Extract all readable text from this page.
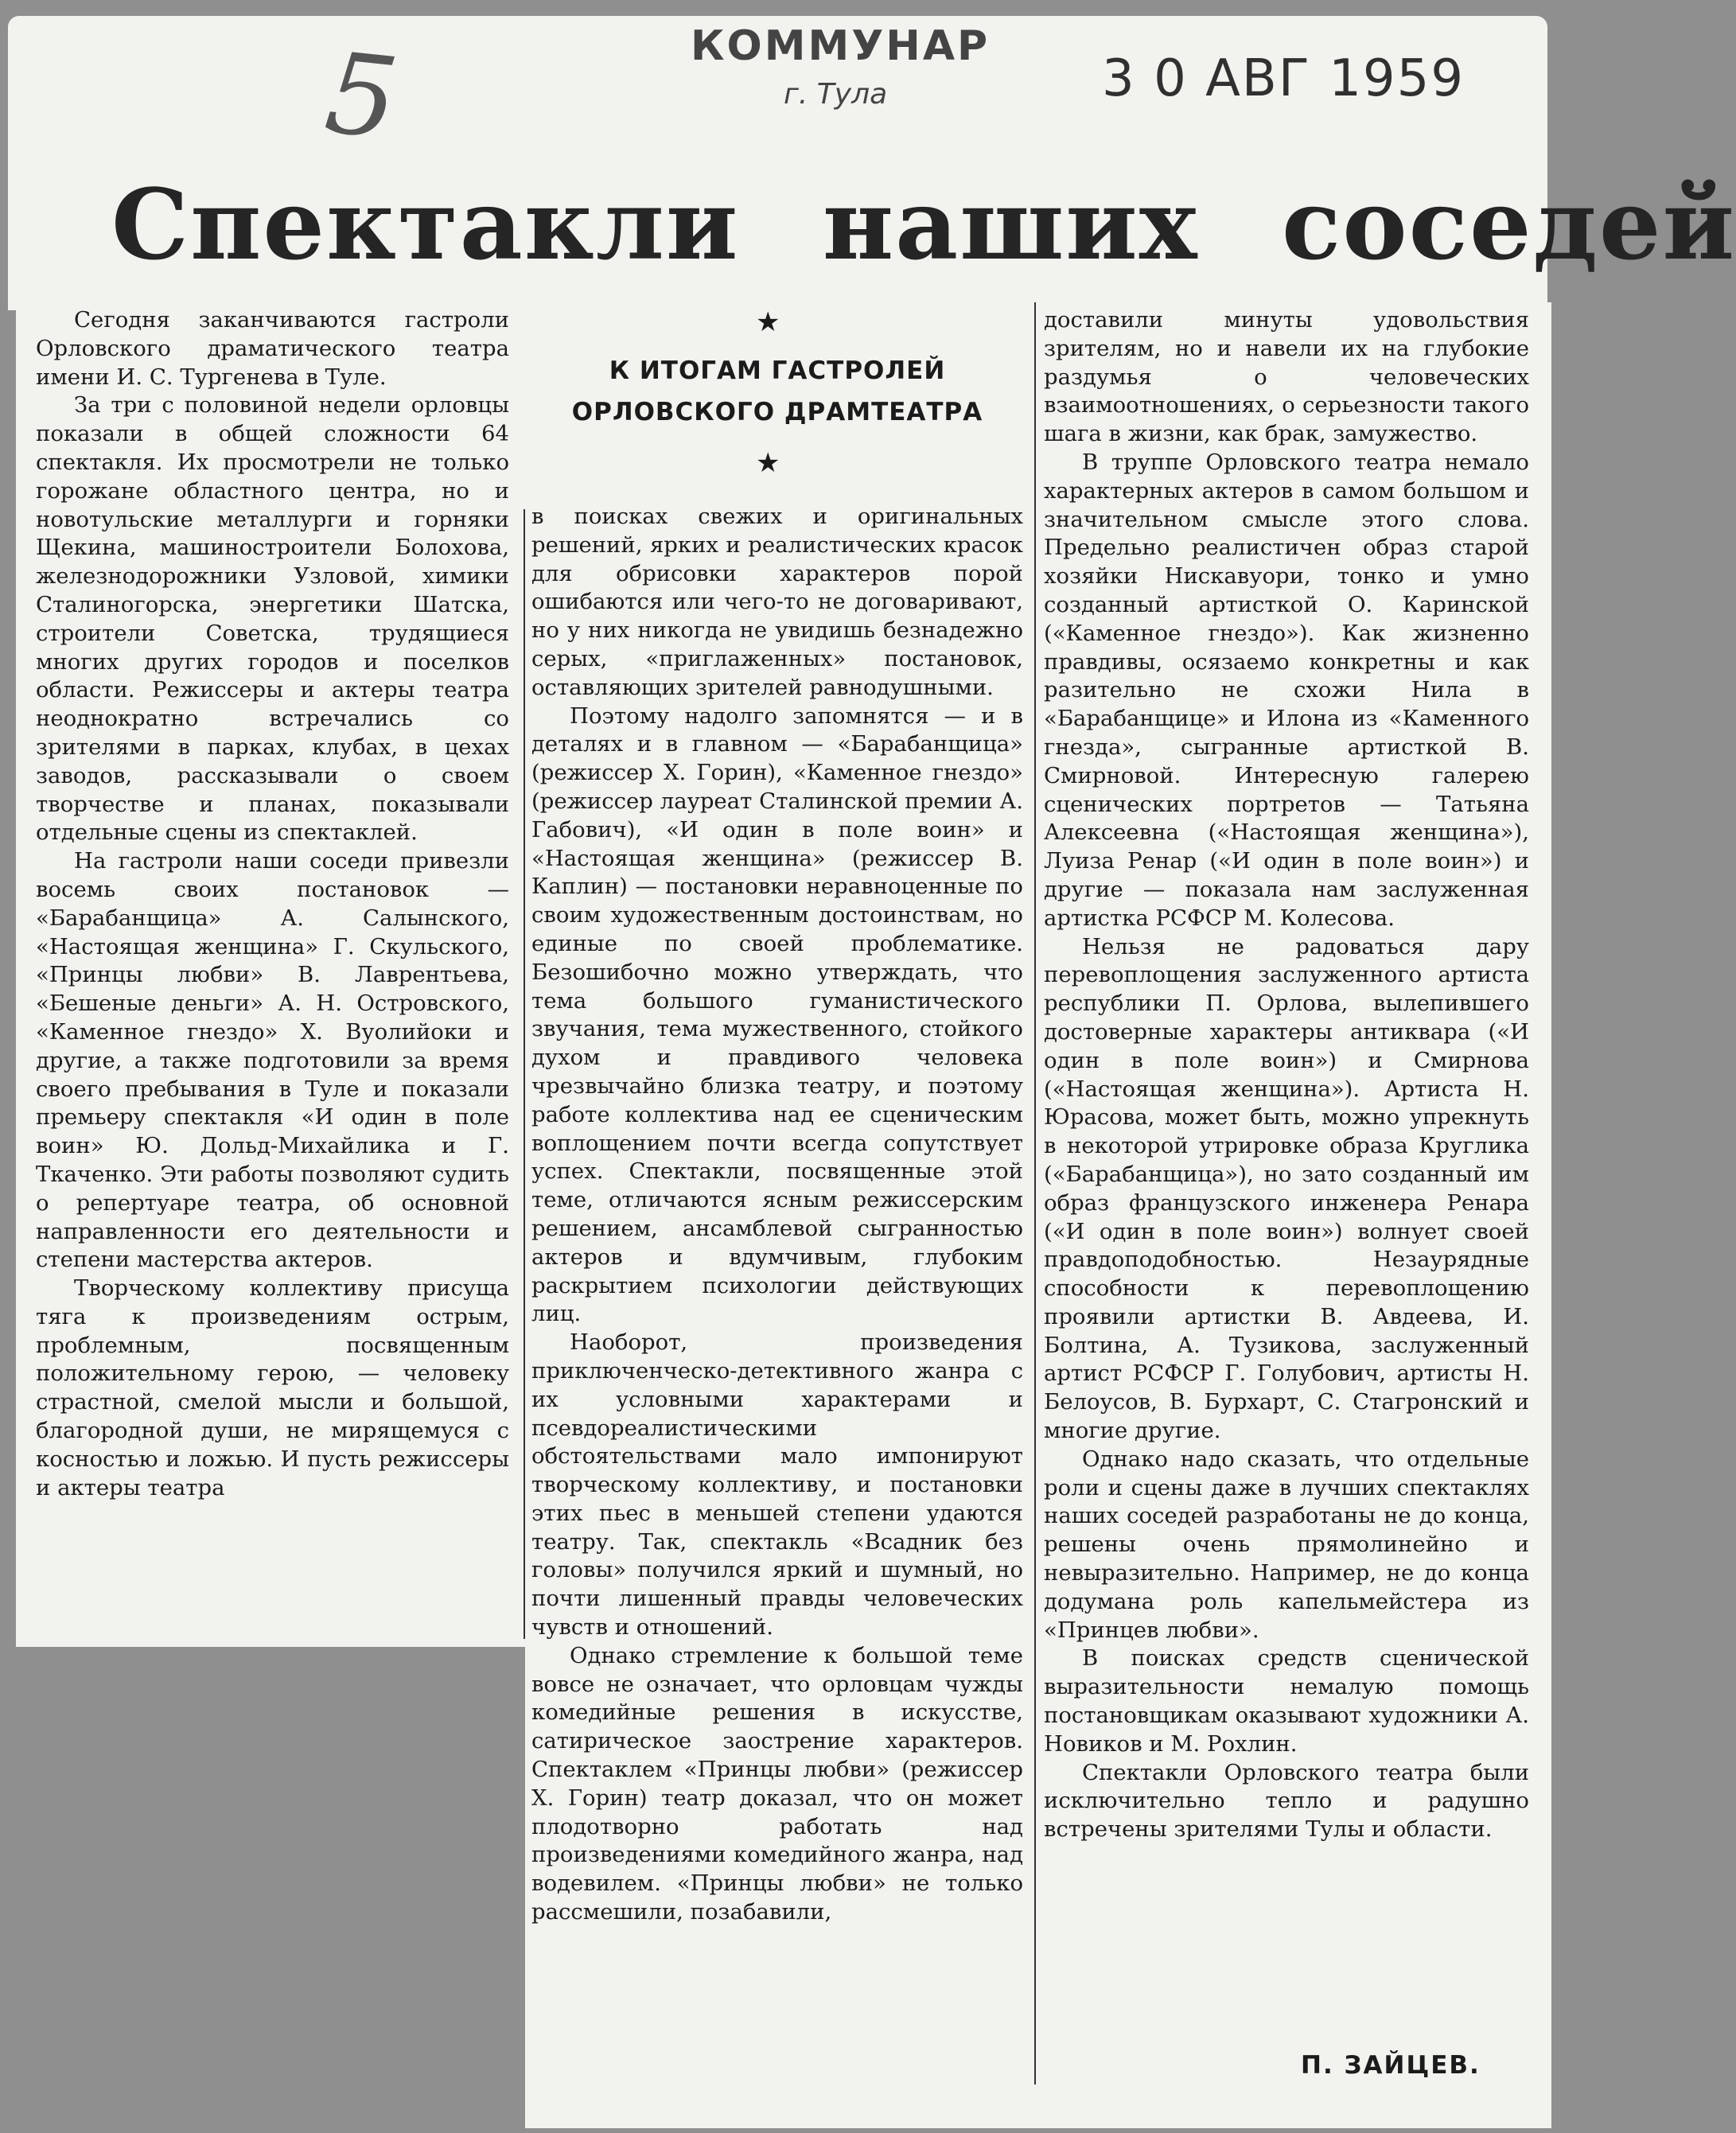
5	КОММУНАР
г. Тула	3 0 АВГ 1959
Спектакли наших соседей

Сегодня заканчиваются гастроли Орловского драматического театра имени И. С. Тургенева в Туле.

За три с половиной недели орловцы показали в общей сложности 64 спектакля. Их просмотрели не только горожане областного центра, но и новотульские металлурги и горняки Щекина, машиностроители Болохова, железнодорожники Узловой, химики Сталиногорска, энергетики Шатска, строители Советска, трудящиеся многих других городов и поселков области. Режиссеры и актеры театра неоднократно встречались со зрителями в парках, клубах, в цехах заводов, рассказывали о своем творчестве и планах, показывали отдельные сцены из спектаклей.

На гастроли наши соседи привезли восемь своих постановок — «Барабанщица» А. Салынского, «Настоящая женщина» Г. Скульского, «Принцы любви» В. Лаврентьева, «Бешеные деньги» А. Н. Островского, «Каменное гнездо» Х. Вуолийоки и другие, а также подготовили за время своего пребывания в Туле и показали премьеру спектакля «И один в поле воин» Ю. Дольд-Михайлика и Г. Ткаченко. Эти работы позволяют судить о репертуаре театра, об основной направленности его деятельности и степени мастерства актеров.

Творческому коллективу присуща тяга к произведениям острым, проблемным, посвященным положительному герою, — человеку страстной, смелой мысли и большой, благородной души, не мирящемуся с косностью и ложью. И пусть режиссеры и актеры театра

★
К ИТОГАМ ГАСТРОЛЕЙ
ОРЛОВСКОГО ДРАМТЕАТРА
★

в поисках свежих и оригинальных решений, ярких и реалистических красок для обрисовки характеров порой ошибаются или чего-то не договаривают, но у них никогда не увидишь безнадежно серых, «приглаженных» постановок, оставляющих зрителей равнодушными.

Поэтому надолго запомнятся — и в деталях и в главном — «Барабанщица» (режиссер Х. Горин), «Каменное гнездо» (режиссер лауреат Сталинской премии А. Габович), «И один в поле воин» и «Настоящая женщина» (режиссер В. Каплин) — постановки неравноценные по своим художественным достоинствам, но единые по своей проблематике. Безошибочно можно утверждать, что тема большого гуманистического звучания, тема мужественного, стойкого духом и правдивого человека чрезвычайно близка театру, и поэтому работе коллектива над ее сценическим воплощением почти всегда сопутствует успех. Спектакли, посвященные этой теме, отличаются ясным режиссерским решением, ансамблевой сыгранностью актеров и вдумчивым, глубоким раскрытием психологии действующих лиц.

Наоборот, произведения приключенческо-детективного жанра с их условными характерами и псевдореалистическими обстоятельствами мало импонируют творческому коллективу, и постановки этих пьес в меньшей степени удаются театру. Так, спектакль «Всадник без головы» получился яркий и шумный, но почти лишенный правды человеческих чувств и отношений.

Однако стремление к большой теме вовсе не означает, что орловцам чужды комедийные решения в искусстве, сатирическое заострение характеров. Спектаклем «Принцы любви» (режиссер Х. Горин) театр доказал, что он может плодотворно работать над произведениями комедийного жанра, над водевилем. «Принцы любви» не только рассмешили, позабавили,

доставили минуты удовольствия зрителям, но и навели их на глубокие раздумья о человеческих взаимоотношениях, о серьезности такого шага в жизни, как брак, замужество.

В труппе Орловского театра немало характерных актеров в самом большом и значительном смысле этого слова. Предельно реалистичен образ старой хозяйки Нискавуори, тонко и умно созданный артисткой О. Каринской («Каменное гнездо»). Как жизненно правдивы, осязаемо конкретны и как разительно не схожи Нила в «Барабанщице» и Илона из «Каменного гнезда», сыгранные артисткой В. Смирновой. Интересную галерею сценических портретов — Татьяна Алексеевна («Настоящая женщина»), Луиза Ренар («И один в поле воин») и другие — показала нам заслуженная артистка РСФСР М. Колесова.

Нельзя не радоваться дару перевоплощения заслуженного артиста республики П. Орлова, вылепившего достоверные характеры антиквара («И один в поле воин») и Смирнова («Настоящая женщина»). Артиста Н. Юрасова, может быть, можно упрекнуть в некоторой утрировке образа Круглика («Барабанщица»), но зато созданный им образ французского инженера Ренара («И один в поле воин») волнует своей правдоподобностью. Незаурядные способности к перевоплощению проявили артистки В. Авдеева, И. Болтина, А. Тузикова, заслуженный артист РСФСР Г. Голубович, артисты Н. Белоусов, В. Бурхарт, С. Стагронский и многие другие.

Однако надо сказать, что отдельные роли и сцены даже в лучших спектаклях наших соседей разработаны не до конца, решены очень прямолинейно и невыразительно. Например, не до конца додумана роль капельмейстера из «Принцев любви».

В поисках средств сценической выразительности немалую помощь постановщикам оказывают художники А. Новиков и М. Рохлин.

Спектакли Орловского театра были исключительно тепло и радушно встречены зрителями Тулы и области.

П. ЗАЙЦЕВ.
